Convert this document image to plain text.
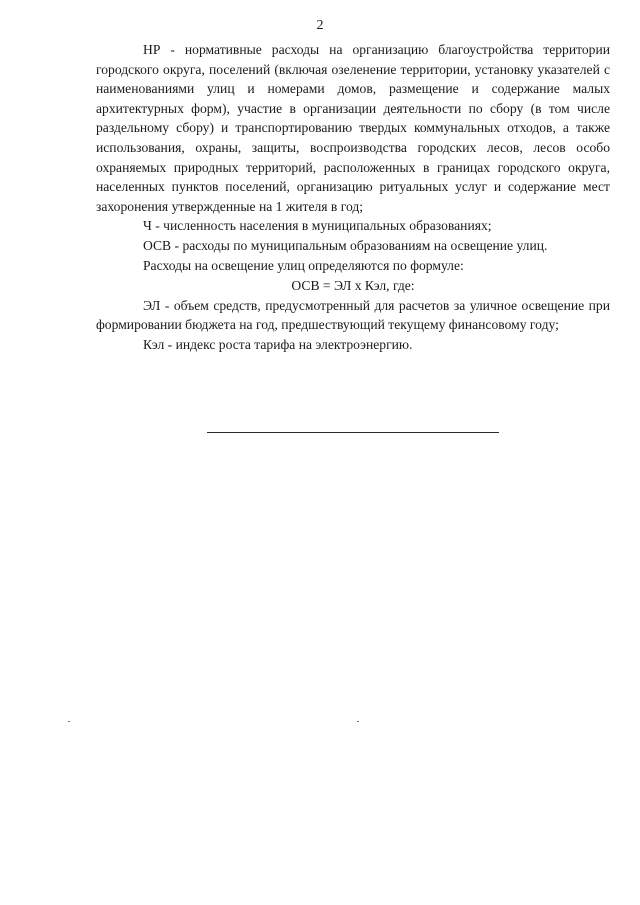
2

НР - нормативные расходы на организацию благоустройства территории городского округа, поселений (включая озеленение территории, установку указателей с наименованиями улиц и номерами домов, размещение и содержание малых архитектурных форм), участие в организации деятельности по сбору (в том числе раздельному сбору) и транспортированию твердых коммунальных отходов, а также использования, охраны, защиты, воспроизводства городских лесов, лесов особо охраняемых природных территорий, расположенных в границах городского округа, населенных пунктов поселений, организацию ритуальных услуг и содержание мест захоронения утвержденные на 1 жителя в год;

Ч - численность населения в муниципальных образованиях;

ОСВ - расходы по муниципальным образованиям на освещение улиц.

Расходы на освещение улиц определяются по формуле:

ОСВ = ЭЛ х Кэл, где:

ЭЛ - объем средств, предусмотренный для расчетов за уличное освещение при формировании бюджета на год, предшествующий текущему финансовому году;

Кэл - индекс роста тарифа на электроэнергию.
